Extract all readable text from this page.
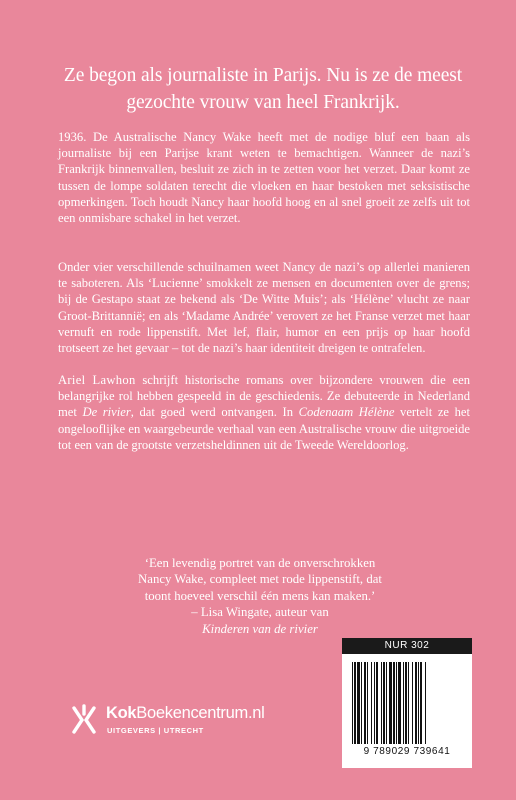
Ze begon als journaliste in Parijs. Nu is ze de meest gezochte vrouw van heel Frankrijk.

1936. De Australische Nancy Wake heeft met de nodige bluf een baan als journaliste bij een Parijse krant weten te bemachtigen. Wanneer de nazi’s Frankrijk binnenvallen, besluit ze zich in te zetten voor het verzet. Daar komt ze tussen de lompe soldaten terecht die vloeken en haar bestoken met seksistische opmerkingen. Toch houdt Nancy haar hoofd hoog en al snel groeit ze zelfs uit tot een onmisbare schakel in het verzet.

Onder vier verschillende schuilnamen weet Nancy de nazi’s op allerlei manieren te saboteren. Als ‘Lucienne’ smokkelt ze mensen en documenten over de grens; bij de Gestapo staat ze bekend als ‘De Witte Muis’; als ‘Hélène’ vlucht ze naar Groot-Brittannië; en als ‘Madame Andrée’ verovert ze het Franse verzet met haar vernuft en rode lippenstift. Met lef, flair, humor en een prijs op haar hoofd trotseert ze het gevaar – tot de nazi’s haar identiteit dreigen te ontrafelen.

Ariel Lawhon schrijft historische romans over bijzondere vrouwen die een belangrijke rol hebben gespeeld in de geschiedenis. Ze debuteerde in Nederland met De rivier, dat goed werd ontvangen. In Codenaam Hélène vertelt ze het ongelooflijke en waargebeurde verhaal van een Australische vrouw die uitgroeide tot een van de grootste verzetsheldinnen uit de Tweede Wereldoorlog.

‘Een levendig portret van de onverschrokken
Nancy Wake, compleet met rode lippenstift, dat
toont hoeveel verschil één mens kan maken.’
– Lisa Wingate, auteur van
Kinderen van de rivier
KokBoekencentrum.nl
UITGEVERS | UTRECHT
NUR 302
9 789029 739641
